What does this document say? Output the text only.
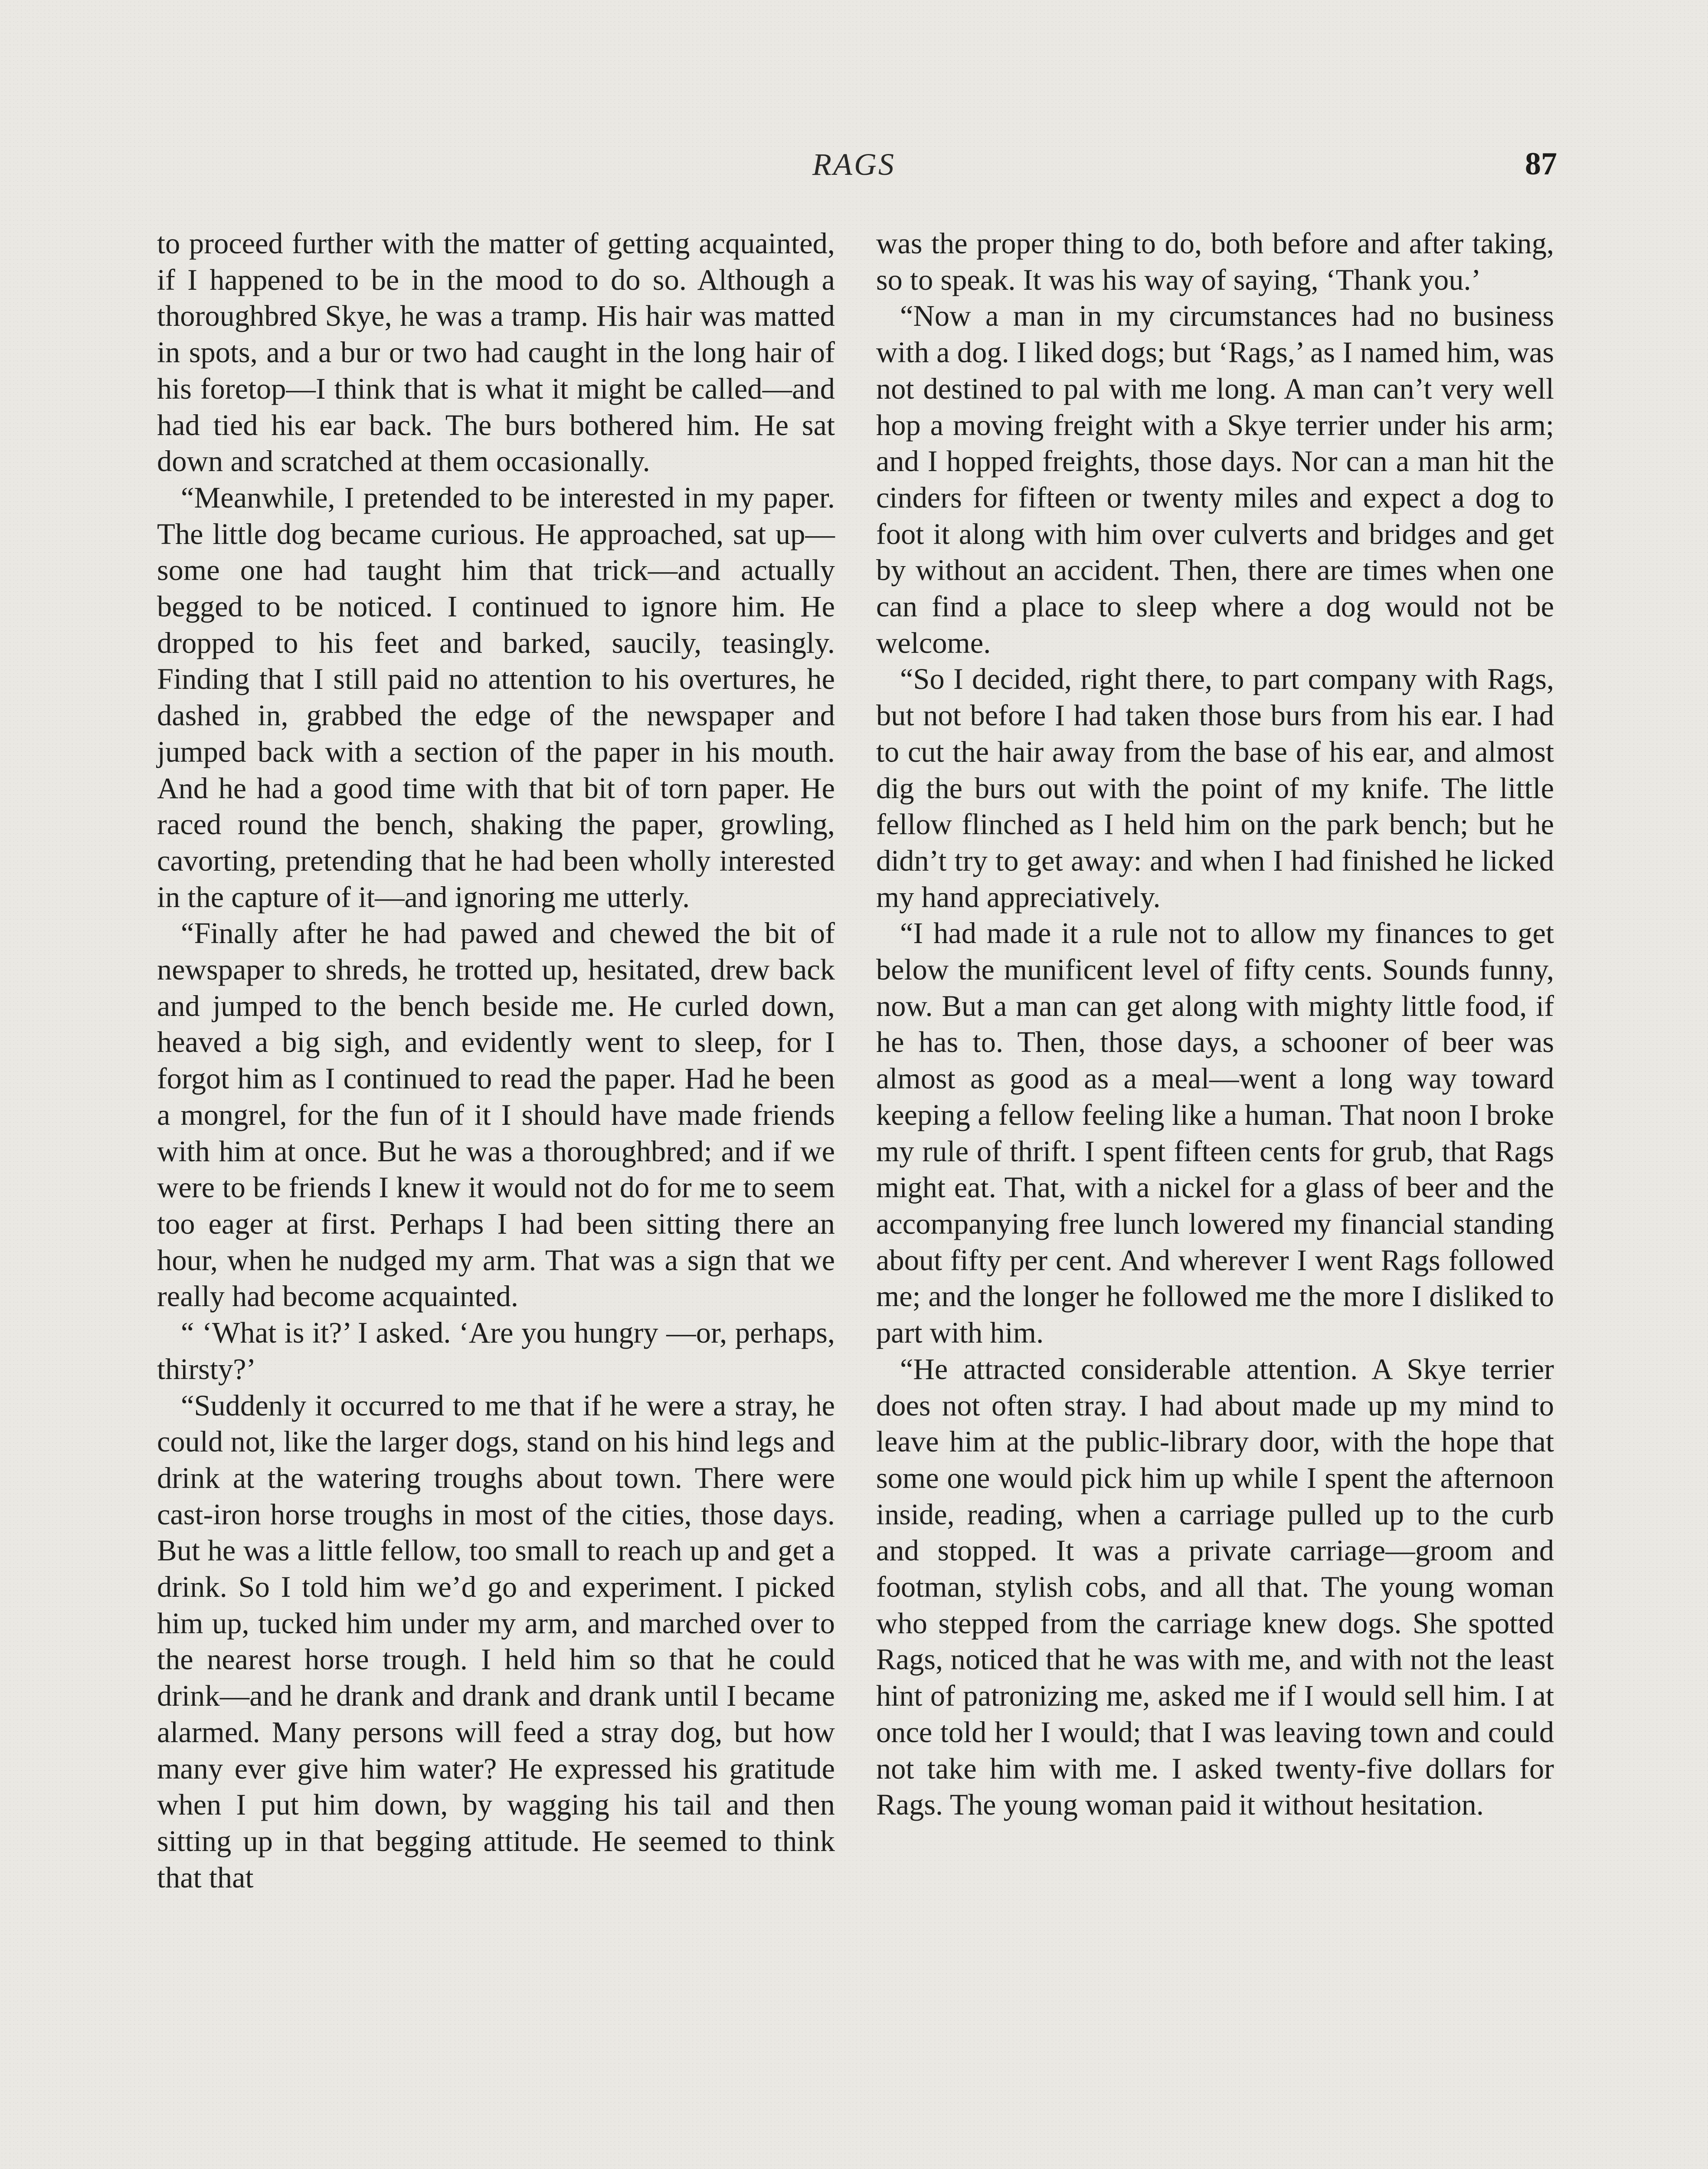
RAGS	87

to proceed further with the matter of getting acquainted, if I happened to be in the mood to do so. Although a thoroughbred Skye, he was a tramp. His hair was matted in spots, and a bur or two had caught in the long hair of his foretop—I think that is what it might be called—and had tied his ear back. The burs bothered him. He sat down and scratched at them occasionally.

“Meanwhile, I pretended to be interested in my paper. The little dog became curious. He approached, sat up—some one had taught him that trick—and actually begged to be noticed. I continued to ignore him. He dropped to his feet and barked, saucily, teasingly. Finding that I still paid no attention to his overtures, he dashed in, grabbed the edge of the newspaper and jumped back with a section of the paper in his mouth. And he had a good time with that bit of torn paper. He raced round the bench, shaking the paper, growling, cavorting, pretending that he had been wholly interested in the capture of it—and ignoring me utterly.

“Finally after he had pawed and chewed the bit of newspaper to shreds, he trotted up, hesitated, drew back and jumped to the bench beside me. He curled down, heaved a big sigh, and evidently went to sleep, for I forgot him as I continued to read the paper. Had he been a mongrel, for the fun of it I should have made friends with him at once. But he was a thoroughbred; and if we were to be friends I knew it would not do for me to seem too eager at first. Perhaps I had been sitting there an hour, when he nudged my arm. That was a sign that we really had become acquainted.

“ ‘What is it?’ I asked. ‘Are you hungry —or, perhaps, thirsty?’

“Suddenly it occurred to me that if he were a stray, he could not, like the larger dogs, stand on his hind legs and drink at the watering troughs about town. There were cast-iron horse troughs in most of the cities, those days. But he was a little fellow, too small to reach up and get a drink. So I told him we’d go and experiment. I picked him up, tucked him under my arm, and marched over to the nearest horse trough. I held him so that he could drink—and he drank and drank and drank until I became alarmed. Many persons will feed a stray dog, but how many ever give him water? He expressed his gratitude when I put him down, by wagging his tail and then sitting up in that begging attitude. He seemed to think that that

was the proper thing to do, both before and after taking, so to speak. It was his way of saying, ‘Thank you.’

“Now a man in my circumstances had no business with a dog. I liked dogs; but ‘Rags,’ as I named him, was not destined to pal with me long. A man can’t very well hop a moving freight with a Skye terrier under his arm; and I hopped freights, those days. Nor can a man hit the cinders for fifteen or twenty miles and expect a dog to foot it along with him over culverts and bridges and get by without an accident. Then, there are times when one can find a place to sleep where a dog would not be welcome.

“So I decided, right there, to part company with Rags, but not before I had taken those burs from his ear. I had to cut the hair away from the base of his ear, and almost dig the burs out with the point of my knife. The little fellow flinched as I held him on the park bench; but he didn’t try to get away: and when I had finished he licked my hand appreciatively.

“I had made it a rule not to allow my finances to get below the munificent level of fifty cents. Sounds funny, now. But a man can get along with mighty little food, if he has to. Then, those days, a schooner of beer was almost as good as a meal—went a long way toward keeping a fellow feeling like a human. That noon I broke my rule of thrift. I spent fifteen cents for grub, that Rags might eat. That, with a nickel for a glass of beer and the accompanying free lunch lowered my financial standing about fifty per cent. And wherever I went Rags followed me; and the longer he followed me the more I disliked to part with him.

“He attracted considerable attention. A Skye terrier does not often stray. I had about made up my mind to leave him at the public-library door, with the hope that some one would pick him up while I spent the afternoon inside, reading, when a carriage pulled up to the curb and stopped. It was a private carriage—groom and footman, stylish cobs, and all that. The young woman who stepped from the carriage knew dogs. She spotted Rags, noticed that he was with me, and with not the least hint of patronizing me, asked me if I would sell him. I at once told her I would; that I was leaving town and could not take him with me. I asked twenty-five dollars for Rags. The young woman paid it without hesitation.
